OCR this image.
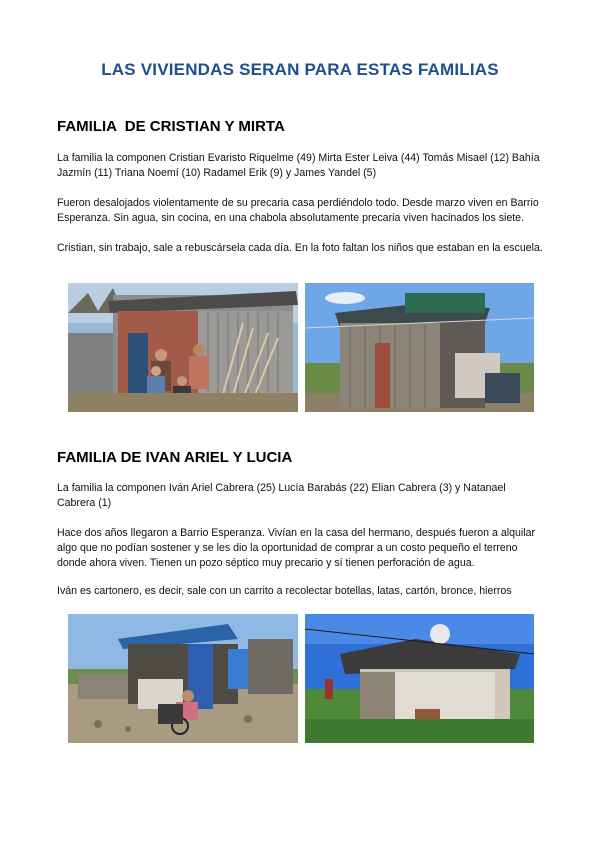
LAS VIVIENDAS SERAN PARA ESTAS FAMILIAS
FAMILIA  DE CRISTIAN Y MIRTA

La familia la componen Cristian Evaristo Riquelme (49) Mirta Ester Leiva (44) Tomás Misael (12) Bahía Jazmín (11) Triana Noemí (10) Radamel Erik (9) y James Yandel (5)

Fueron desalojados violentamente de su precaria casa perdiéndolo todo. Desde marzo viven en Barrio Esperanza. Sin agua, sin cocina, en una chabola absolutamente precaria viven hacinados los siete.

Cristian, sin trabajo, sale a rebuscársela cada día. En la foto faltan los niños que estaban en la escuela.

FAMILIA DE IVAN ARIEL Y LUCIA

La familia la componen Iván Ariel Cabrera (25) Lucía Barabás (22) Elian Cabrera (3) y Natanael Cabrera (1)

Hace dos años llegaron a Barrio Esperanza. Vivían en la casa del hermano, después fueron a alquilar algo que no podían sostener y se les dio la oportunidad de comprar a un costo pequeño el terreno donde ahora viven. Tienen un pozo séptico muy precario y sí tienen perforación de agua.

Iván es cartonero, es decir, sale con un carrito a recolectar botellas, latas, cartón, bronce, hierros
